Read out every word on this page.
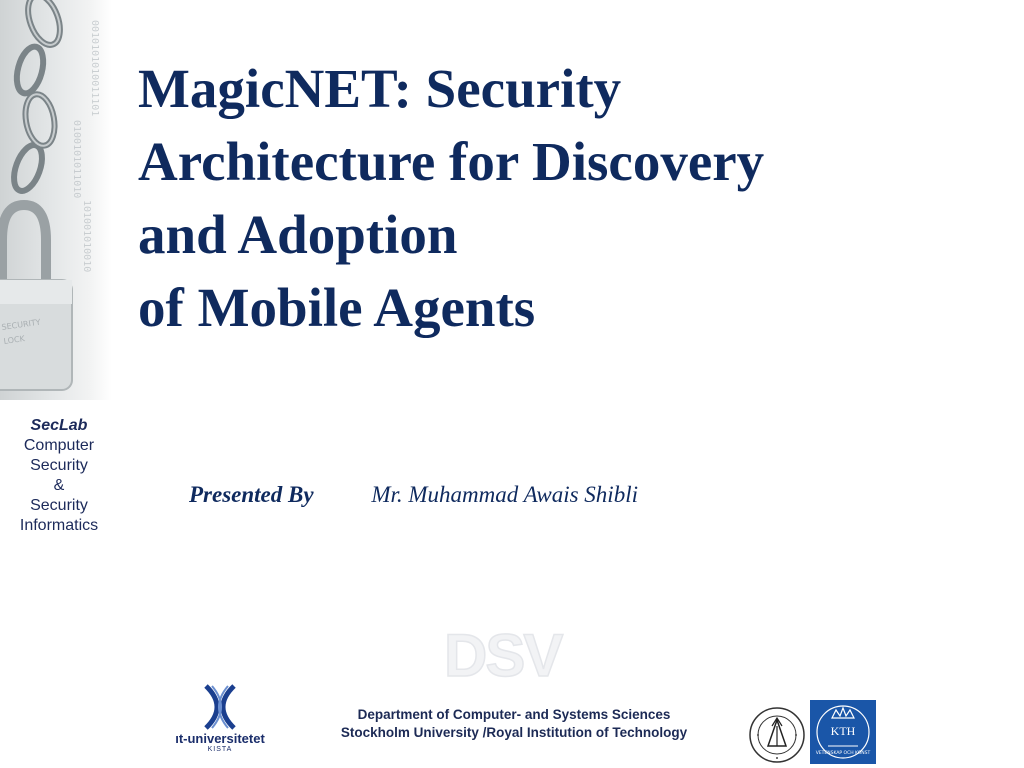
0010101010011101
0100101011010
101001010010
SECURITY
LOCK
SecLab
Computer
Security
&
Security
Informatics
MagicNET: Security
Architecture for Discovery
and Adoption
of Mobile Agents
Presented By	Mr. Muhammad Awais Shibli
DSV
ıt-universitetet
KISTA
Department of Computer- and Systems Sciences
Stockholm University /Royal Institution of Technology
VETENSKAP OCH KONST
KTH
